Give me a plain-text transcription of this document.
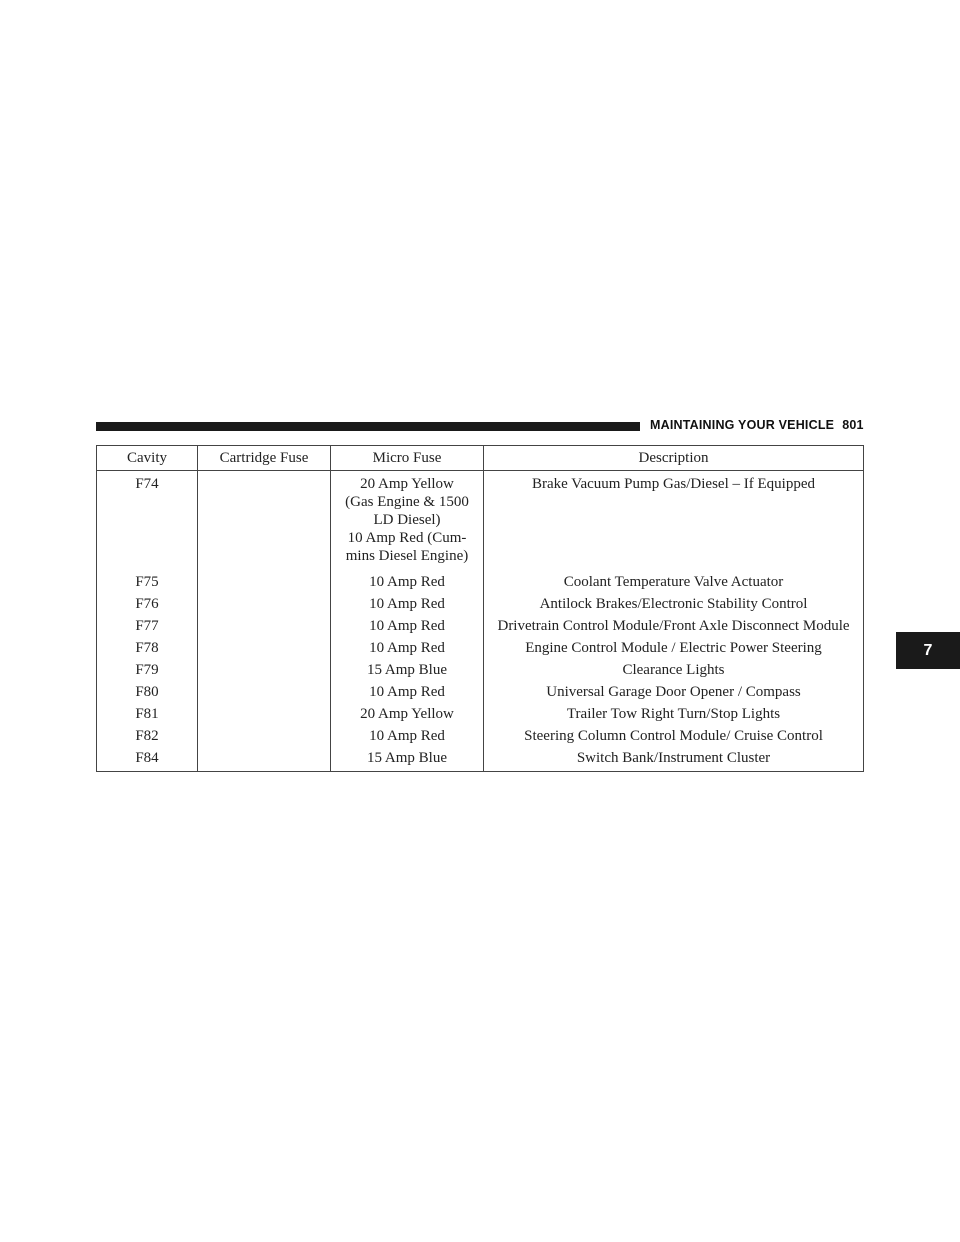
MAINTAINING YOUR VEHICLE 801
7
Cavity	Cartridge Fuse	Micro Fuse	Description
F74		20 Amp Yellow
(Gas Engine & 1500
LD Diesel)
10 Amp Red (Cum-
mins Diesel Engine)	Brake Vacuum Pump Gas/Diesel – If Equipped
F75		10 Amp Red	Coolant Temperature Valve Actuator
F76		10 Amp Red	Antilock Brakes/Electronic Stability Control
F77		10 Amp Red	Drivetrain Control Module/Front Axle Disconnect Module
F78		10 Amp Red	Engine Control Module / Electric Power Steering
F79		15 Amp Blue	Clearance Lights
F80		10 Amp Red	Universal Garage Door Opener / Compass
F81		20 Amp Yellow	Trailer Tow Right Turn/Stop Lights
F82		10 Amp Red	Steering Column Control Module/ Cruise Control
F84		15 Amp Blue	Switch Bank/Instrument Cluster
